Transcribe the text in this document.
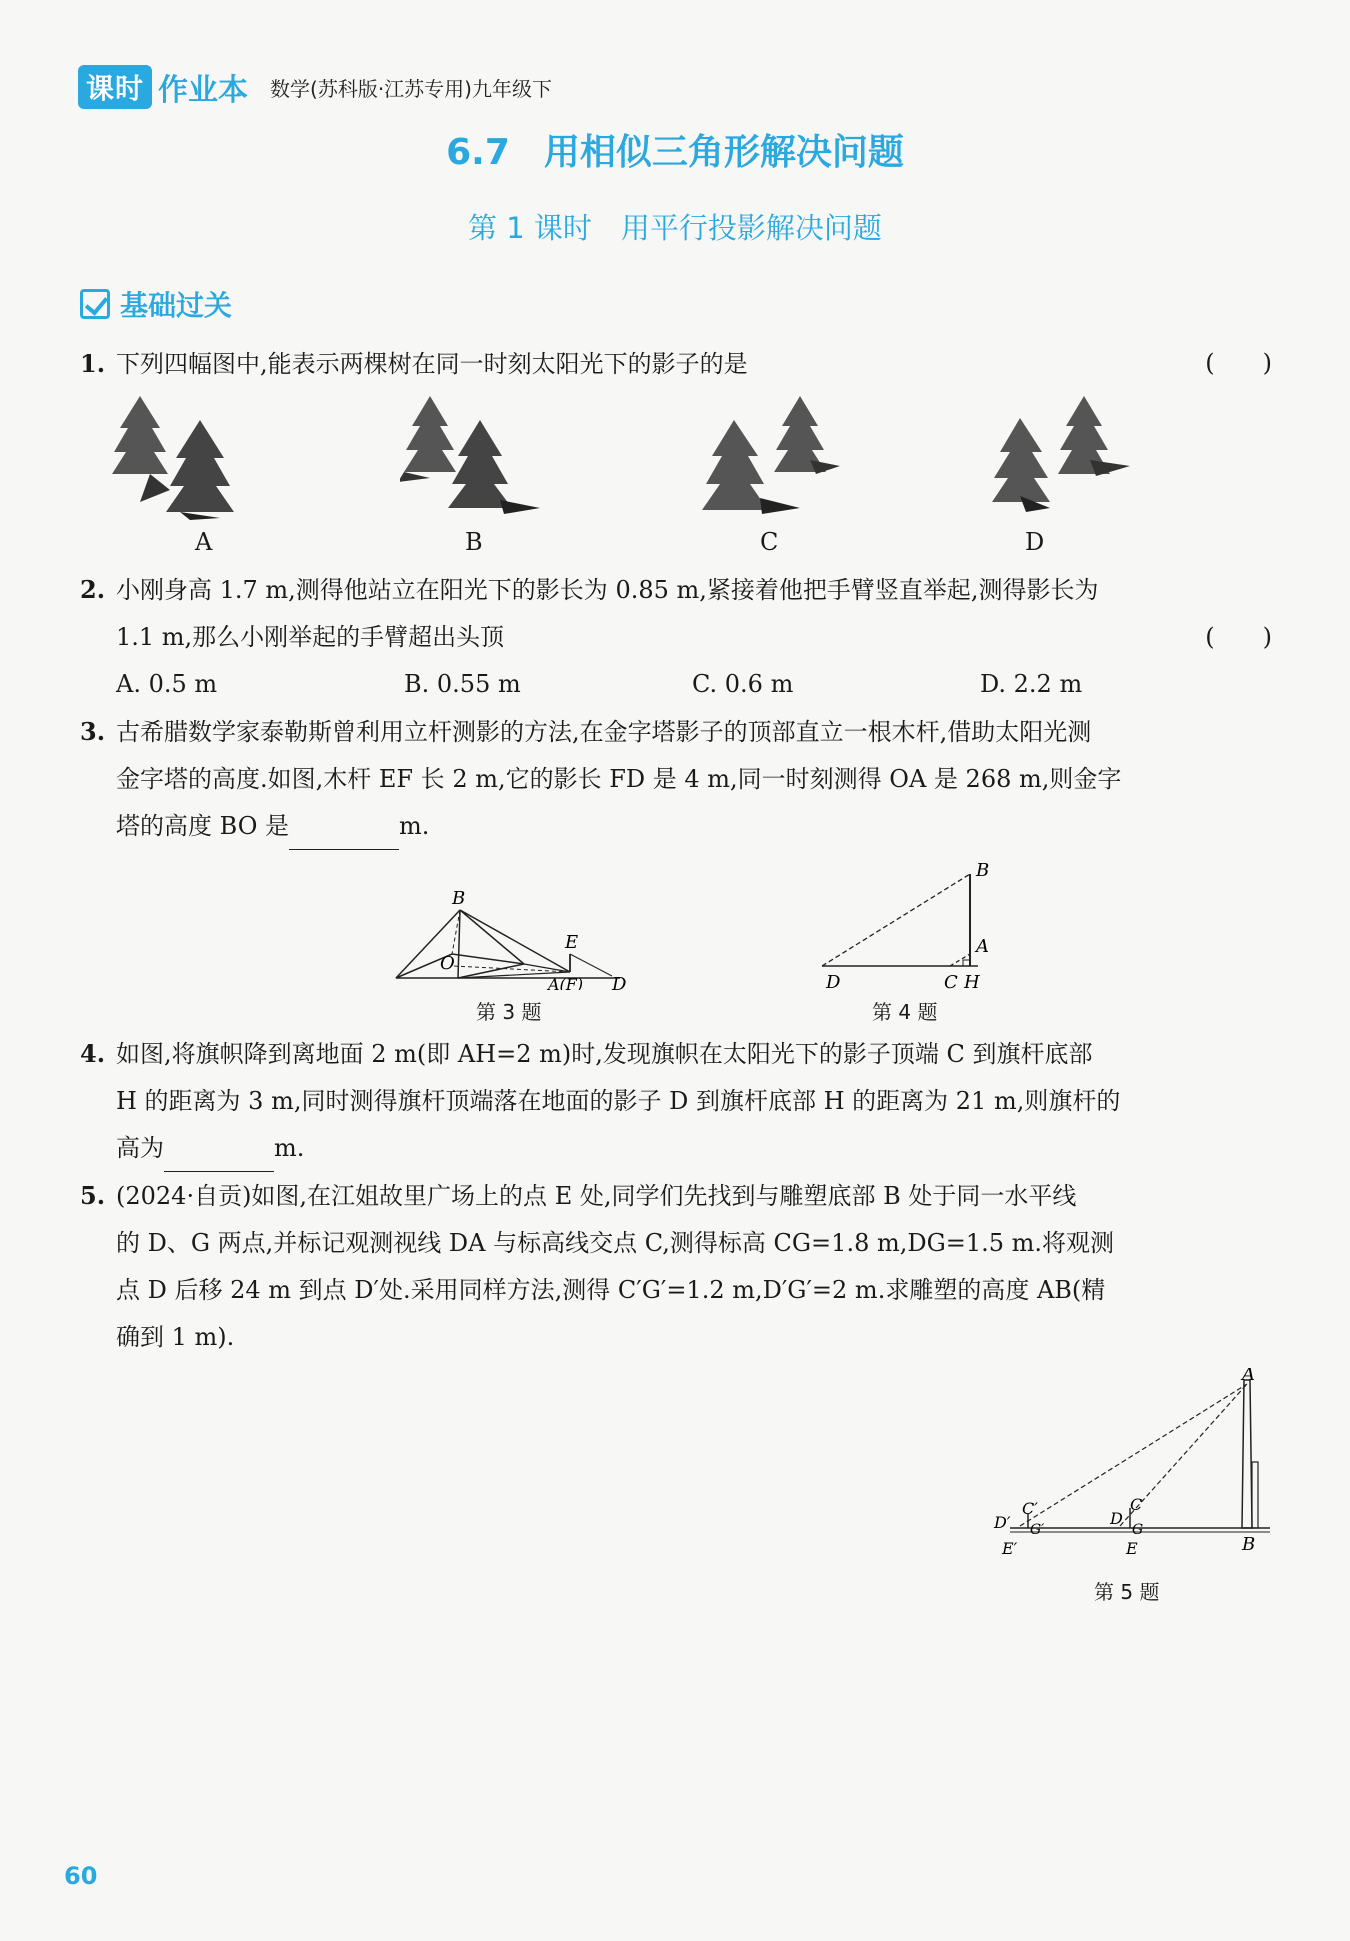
课时 作业本 数学(苏科版·江苏专用)九年级下
6.7 用相似三角形解决问题
第 1 课时　用平行投影解决问题
基础过关
1. 下列四幅图中,能表示两棵树在同一时刻太阳光下的影子的是	(　　)
A	B	C	D
2. 小刚身高 1.7 m,测得他站立在阳光下的影长为 0.85 m,紧接着他把手臂竖直举起,测得影长为
1.1 m,那么小刚举起的手臂超出头顶	(　　)
A. 0.5 m	B. 0.55 m	C. 0.6 m	D. 2.2 m
3. 古希腊数学家泰勒斯曾利用立杆测影的方法,在金字塔影子的顶部直立一根木杆,借助太阳光测
金字塔的高度.如图,木杆 EF 长 2 m,它的影长 FD 是 4 m,同一时刻测得 OA 是 268 m,则金字
塔的高度 BO 是	m.
B
E
O
A(F) D
第 3 题
B
A
D	C H
第 4 题
4. 如图,将旗帜降到离地面 2 m(即 AH=2 m)时,发现旗帜在太阳光下的影子顶端 C 到旗杆底部
H 的距离为 3 m,同时测得旗杆顶端落在地面的影子 D 到旗杆底部 H 的距离为 21 m,则旗杆的
高为	m.
5. (2024·自贡)如图,在江姐故里广场上的点 E 处,同学们先找到与雕塑底部 B 处于同一水平线
的 D、G 两点,并标记观测视线 DA 与标高线交点 C,测得标高 CG=1.8 m,DG=1.5 m.将观测
点 D 后移 24 m 到点 D′处.采用同样方法,测得 C′G′=1.2 m,D′G′=2 m.求雕塑的高度 AB(精
确到 1 m).
A
B
C
C′
D
D′
E
E′
G
G′
第 5 题
60
